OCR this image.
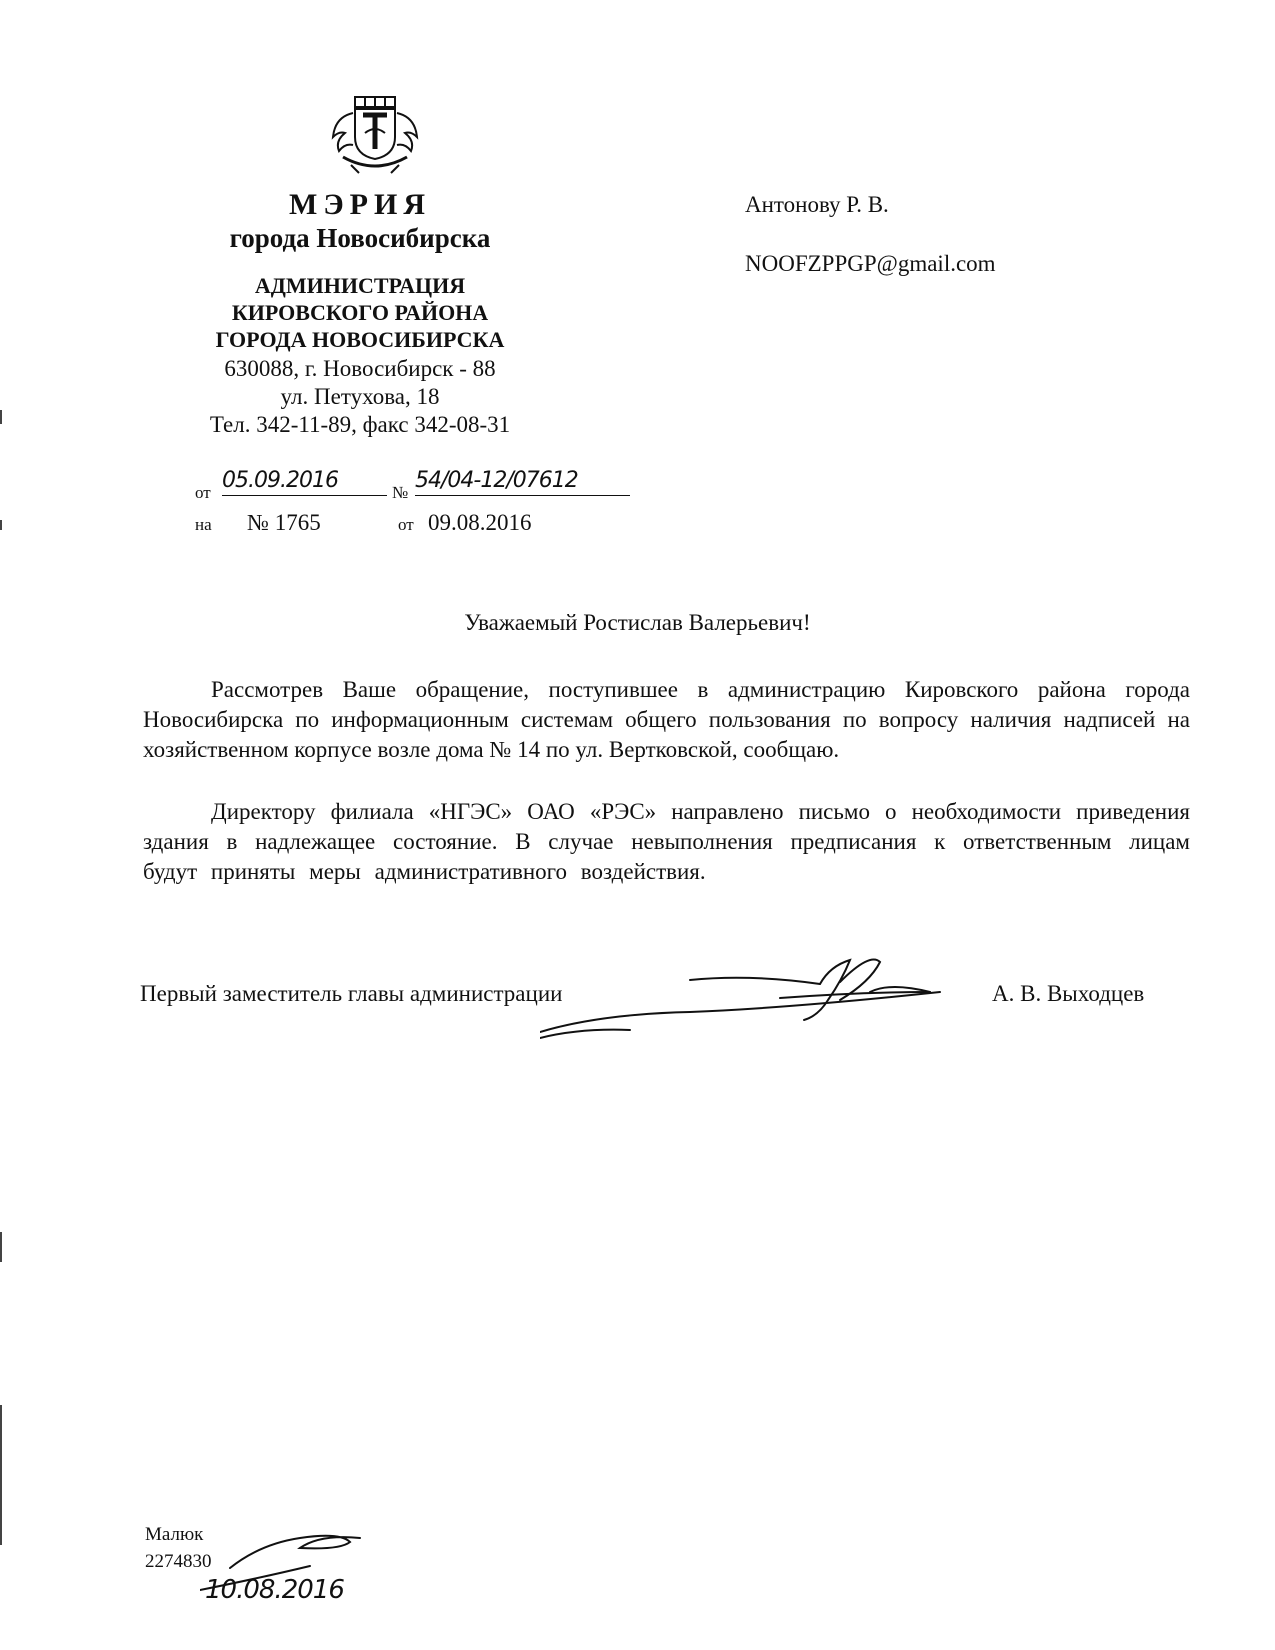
МЭРИЯ
города Новосибирска
АДМИНИСТРАЦИЯ
КИРОВСКОГО РАЙОНА
ГОРОДА НОВОСИБИРСКА
630088, г. Новосибирск - 88
ул. Петухова, 18
Тел. 342-11-89, факс 342-08-31
Антонову Р. В.
NOOFZPPGP@gmail.com
от 05.09.2016	№ 54/04-12/07612
на № 1765	от 09.08.2016
Уважаемый Ростислав Валерьевич!
Рассмотрев Ваше обращение, поступившее в администрацию Кировского района города Новосибирска по информационным системам общего пользования по вопросу наличия надписей на хозяйственном корпусе возле дома № 14 по ул. Вертковской, сообщаю.
Директору филиала «НГЭС» ОАО «РЭС» направлено письмо о необходимости приведения здания в надлежащее состояние. В случае невыполнения предписания к ответственным лицам будут приняты меры административного воздействия.
Первый заместитель главы администрации	А. В. Выходцев
Малюк
2274830
10.08.2016
